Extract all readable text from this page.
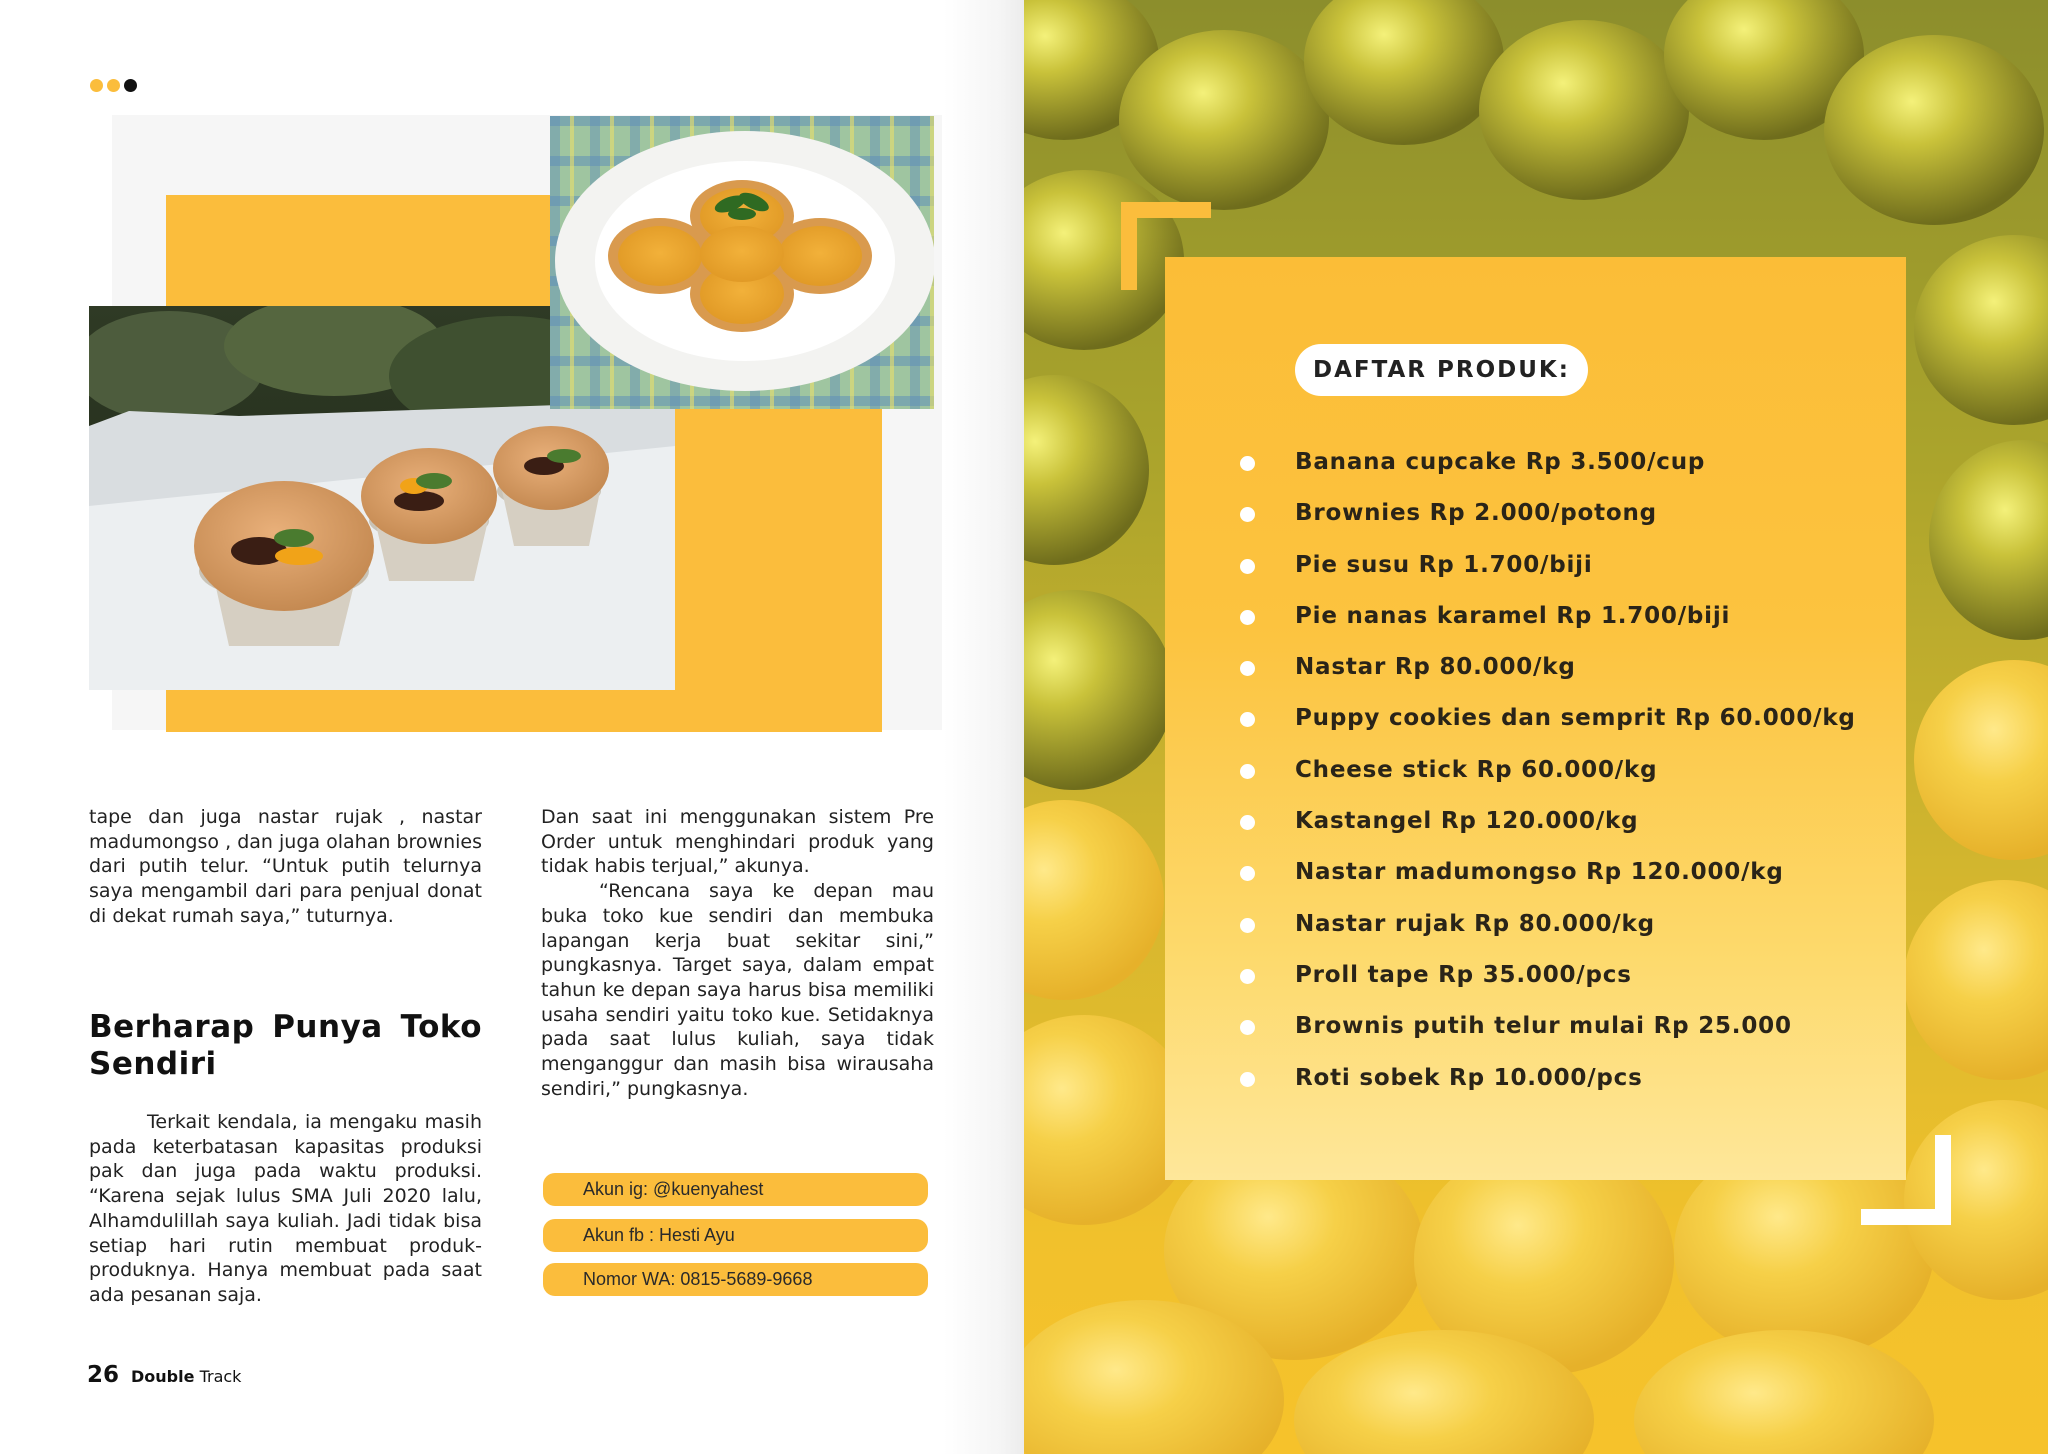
tape dan juga nastar rujak , nastar madumongso , dan juga olahan brownies dari putih telur. “Untuk putih telurnya saya mengambil dari para penjual donat di dekat rumah saya,” tuturnya.

Berharap Punya Toko
Sendiri

Terkait kendala, ia mengaku masih pada keterbatasan kapasitas produksi pak dan juga pada waktu produksi. “Karena sejak lulus SMA Juli 2020 lalu, Alhamdulillah saya kuliah. Jadi tidak bisa setiap hari rutin membuat produk-produknya. Hanya membuat pada saat ada pesanan saja.

Dan saat ini menggunakan sistem Pre Order untuk menghindari produk yang tidak habis terjual,” akunya.

“Rencana saya ke depan mau buka toko kue sendiri dan membuka lapangan kerja buat sekitar sini,” pungkasnya. Target saya, dalam empat tahun ke depan saya harus bisa memiliki usaha sendiri yaitu toko kue. Setidaknya pada saat lulus kuliah, saya tidak menganggur dan masih bisa wirausaha sendiri,” pungkasnya.

Akun ig: @kuenyahest
Akun fb : Hesti Ayu
Nomor WA: 0815-5689-9668
26 Double Track
DAFTAR PRODUK:
Banana cupcake Rp 3.500/cup
Brownies Rp 2.000/potong
Pie susu Rp 1.700/biji
Pie nanas karamel Rp 1.700/biji
Nastar Rp 80.000/kg
Puppy cookies dan semprit Rp 60.000/kg
Cheese stick Rp 60.000/kg
Kastangel Rp 120.000/kg
Nastar madumongso Rp 120.000/kg
Nastar rujak Rp 80.000/kg
Proll tape Rp 35.000/pcs
Brownis putih telur mulai Rp 25.000
Roti sobek Rp 10.000/pcs
